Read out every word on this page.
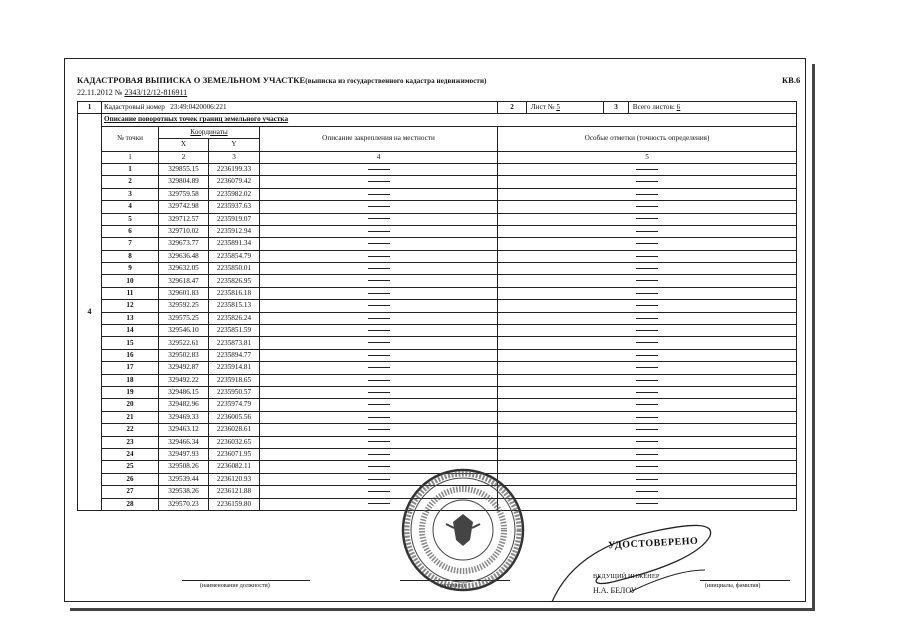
КАДАСТРОВАЯ ВЫПИСКА О ЗЕМЕЛЬНОМ УЧАСТКЕ(выписка из государственного кадастра недвижимости)	КВ.6
22.11.2012 № 2343/12/12-816911
1	Кадастровый номер 23:49:0420006:221				2	Лист № 5	3	Всего листов: 6
4	Описание поворотных точек границ земельного участка							
	№ точки	Координаты		Описание закрепления на местности	Особые отметки (точность определения)			
		X	Y					
	1	2	3	4	5			
	1	329855.15	2236199.33					
	2	329804.89	2236079.42					
	3	329759.58	2235982.02					
	4	329742.98	2235937.63					
	5	329712.57	2235919.07					
	6	329710.02	2235912.94					
	7	329673.77	2235891.34					
	8	329636.48	2235854.79					
	9	329632.05	2235850.01					
	10	329618.47	2235826.95					
	11	329601.83	2235816.18					
	12	329592.25	2235815.13					
	13	329575.25	2235826.24					
	14	329546.10	2235851.59					
	15	329522.61	2235873.81					
	16	329502.83	2235894.77					
	17	329492.87	2235914.81					
	18	329492.22	2235918.65					
	19	329486.15	2235950.57					
	20	329482.96	2235974.79					
	21	329469.33	2236005.56					
	22	329463.12	2236028.61					
	23	329466.34	2236032.65					
	24	329497.93	2236071.95					
	25	329508.26	2236082.11					
	26	329539.44	2236120.93					
	27	329538.26	2236121.88					
	28	329570.23	2236159.80					
(наименование должности)	(подпись)	(инициалы, фамилия)
УДОСТОВЕРЕНО
ВЕДУЩИЙ ИНЖЕНЕР
Н.А. БЕЛОУ
